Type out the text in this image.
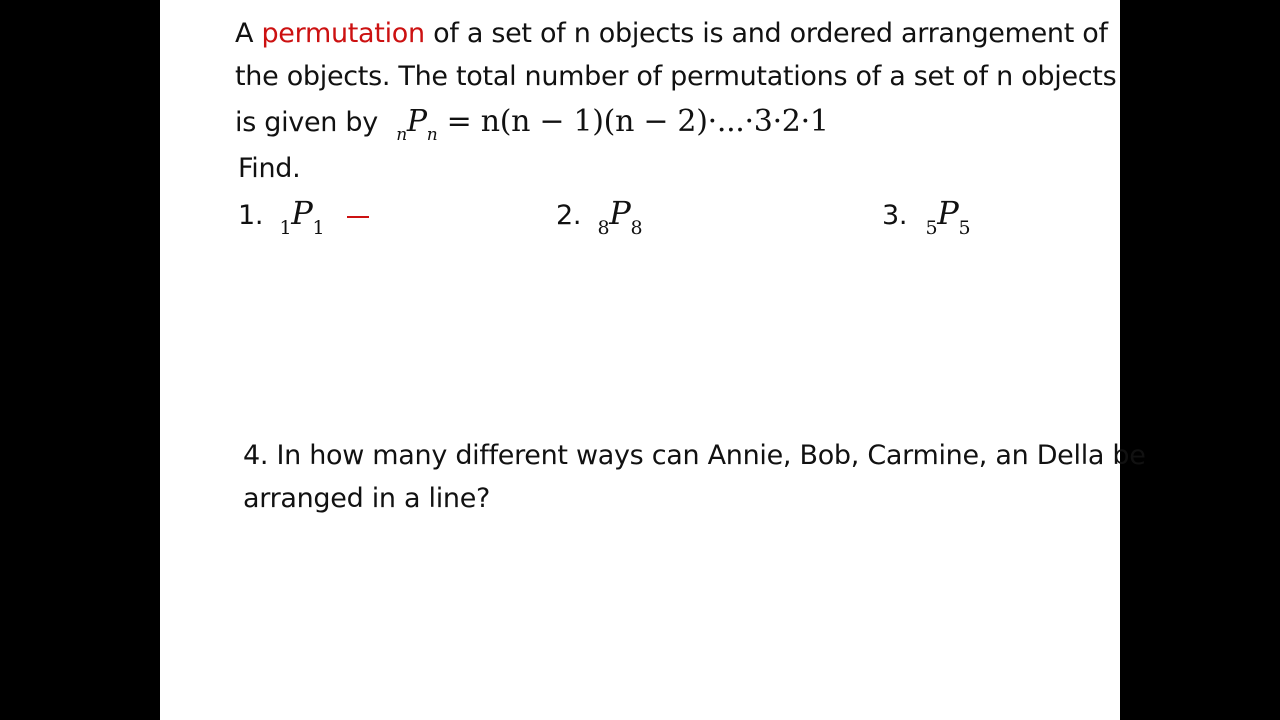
A permutation of a set of n objects is and ordered arrangement of
the objects. The total number of permutations of a set of n objects
is given by $_nP_n = n(n - 1)(n - 2)\cdot...\cdot 3\cdot 2\cdot 1$
Find.
1. $_1P_1$	2. $_8P_8$	3. $_5P_5$
4. In how many different ways can Annie, Bob, Carmine, an Della be
arranged in a line?
